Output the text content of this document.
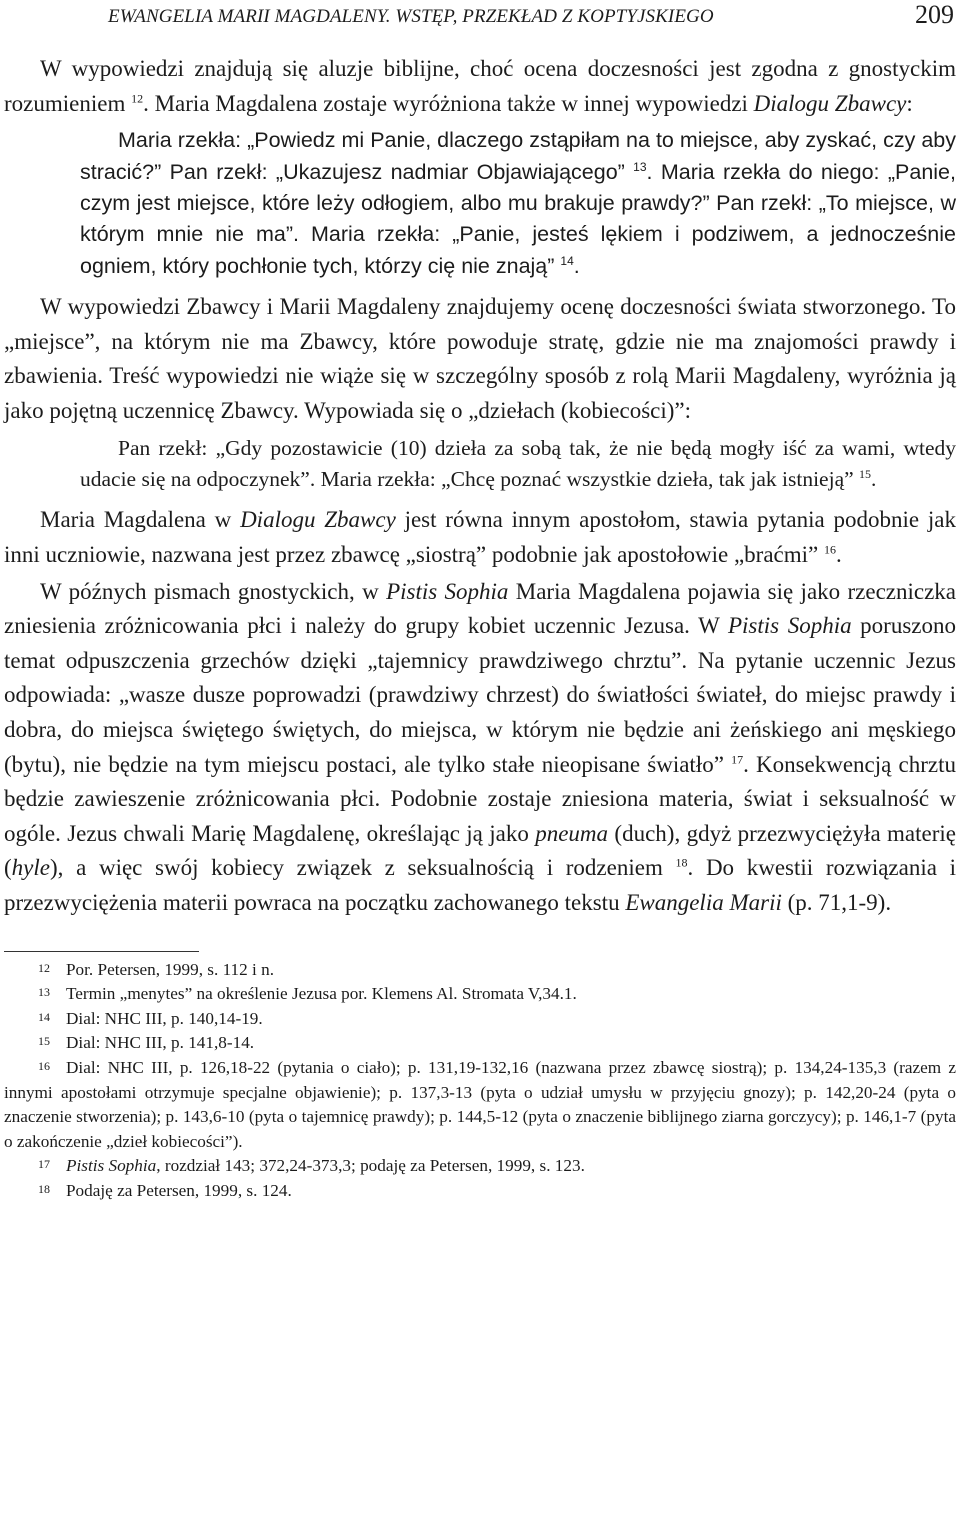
EWANGELIA MARII MAGDALENY. WSTĘP, PRZEKŁAD Z KOPTYJSKIEGO	209

W wypowiedzi znajdują się aluzje biblijne, choć ocena doczesności jest zgodna z gnostyckim rozumieniem $^{12}$. Maria Magdalena zostaje wyróżniona także w innej wypowiedzi Dialogu Zbawcy:

Maria rzekła: „Powiedz mi Panie, dlaczego zstąpiłam na to miejsce, aby zyskać, czy aby stracić?” Pan rzekł: „Ukazujesz nadmiar Objawiającego” $^{13}$. Maria rzekła do niego: „Panie, czym jest miejsce, które leży odłogiem, albo mu brakuje prawdy?” Pan rzekł: „To miejsce, w którym mnie nie ma”. Maria rzekła: „Panie, jesteś lękiem i podziwem, a jednocześnie ogniem, który pochłonie tych, którzy cię nie znają” $^{14}$.

W wypowiedzi Zbawcy i Marii Magdaleny znajdujemy ocenę doczesności świata stworzonego. To „miejsce”, na którym nie ma Zbawcy, które powoduje stratę, gdzie nie ma znajomości prawdy i zbawienia. Treść wypowiedzi nie wiąże się w szczególny sposób z rolą Marii Magdaleny, wyróżnia ją jako pojętną uczennicę Zbawcy. Wypowiada się o „dziełach (kobiecości)”:

Pan rzekł: „Gdy pozostawicie (10) dzieła za sobą tak, że nie będą mogły iść za wami, wtedy udacie się na odpoczynek”. Maria rzekła: „Chcę poznać wszystkie dzieła, tak jak istnieją” $^{15}$.

Maria Magdalena w Dialogu Zbawcy jest równa innym apostołom, stawia pytania podobnie jak inni uczniowie, nazwana jest przez zbawcę „siostrą” podobnie jak apostołowie „braćmi” $^{16}$.

W późnych pismach gnostyckich, w Pistis Sophia Maria Magdalena pojawia się jako rzeczniczka zniesienia zróżnicowania płci i należy do grupy kobiet uczennic Jezusa. W Pistis Sophia poruszono temat odpuszczenia grzechów dzięki „tajemnicy prawdziwego chrztu”. Na pytanie uczennic Jezus odpowiada: „wasze dusze poprowadzi (prawdziwy chrzest) do światłości świateł, do miejsc prawdy i dobra, do miejsca świętego świętych, do miejsca, w którym nie będzie ani żeńskiego ani męskiego (bytu), nie będzie na tym miejscu postaci, ale tylko stałe nieopisane światło” $^{17}$. Konsekwencją chrztu będzie zawieszenie zróżnicowania płci. Podobnie zostaje zniesiona materia, świat i seksualność w ogóle. Jezus chwali Marię Magdalenę, określając ją jako pneuma (duch), gdyż przezwyciężyła materię (hyle), a więc swój kobiecy związek z seksualnością i rodzeniem $^{18}$. Do kwestii rozwiązania i przezwyciężenia materii powraca na początku zachowanego tekstu Ewangelia Marii (p. 71,1-9).

12 Por. Petersen, 1999, s. 112 i n.

13 Termin „menytes” na określenie Jezusa por. Klemens Al. Stromata V,34.1.

14 Dial: NHC III, p. 140,14-19.

15 Dial: NHC III, p. 141,8-14.

16 Dial: NHC III, p. 126,18-22 (pytania o ciało); p. 131,19-132,16 (nazwana przez zbawcę siostrą); p. 134,24-135,3 (razem z innymi apostołami otrzymuje specjalne objawienie); p. 137,3-13 (pyta o udział umysłu w przyjęciu gnozy); p. 142,20-24 (pyta o znaczenie stworzenia); p. 143,6-10 (pyta o tajemnicę prawdy); p. 144,5-12 (pyta o znaczenie biblijnego ziarna gorczycy); p. 146,1-7 (pyta o zakończenie „dzieł kobiecości”).

17 Pistis Sophia, rozdział 143; 372,24-373,3; podaję za Petersen, 1999, s. 123.

18 Podaję za Petersen, 1999, s. 124.
